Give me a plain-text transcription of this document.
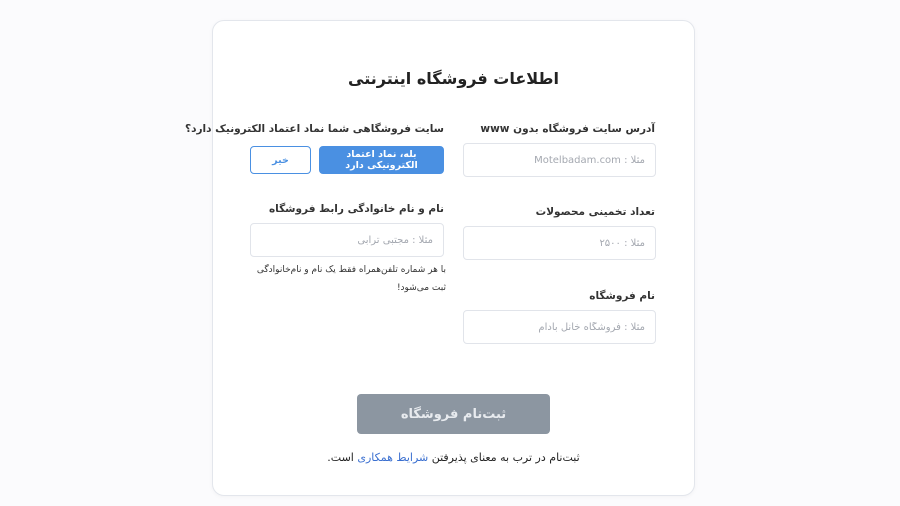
اطلاعات فروشگاه اینترنتی
آدرس سایت فروشگاه بدون www
مثلا : Motelbadam.com
تعداد تخمینی محصولات
مثلا : ۲۵۰۰
نام فروشگاه
مثلا : فروشگاه خانل بادام
سایت فروشگاهی شما نماد اعتماد الکترونیک دارد؟
بله، نماد اعتماد الکترونیکی دارد
خیر
نام و نام خانوادگی رابط فروشگاه
مثلا : مجتبی ترابی
با هر شماره تلفن‌همراه فقط یک نام و نام‌خانوادگی ثبت می‌شود!
ثبت‌نام فروشگاه
ثبت‌نام در ترب به معنای پذیرفتن شرایط همکاری است.
